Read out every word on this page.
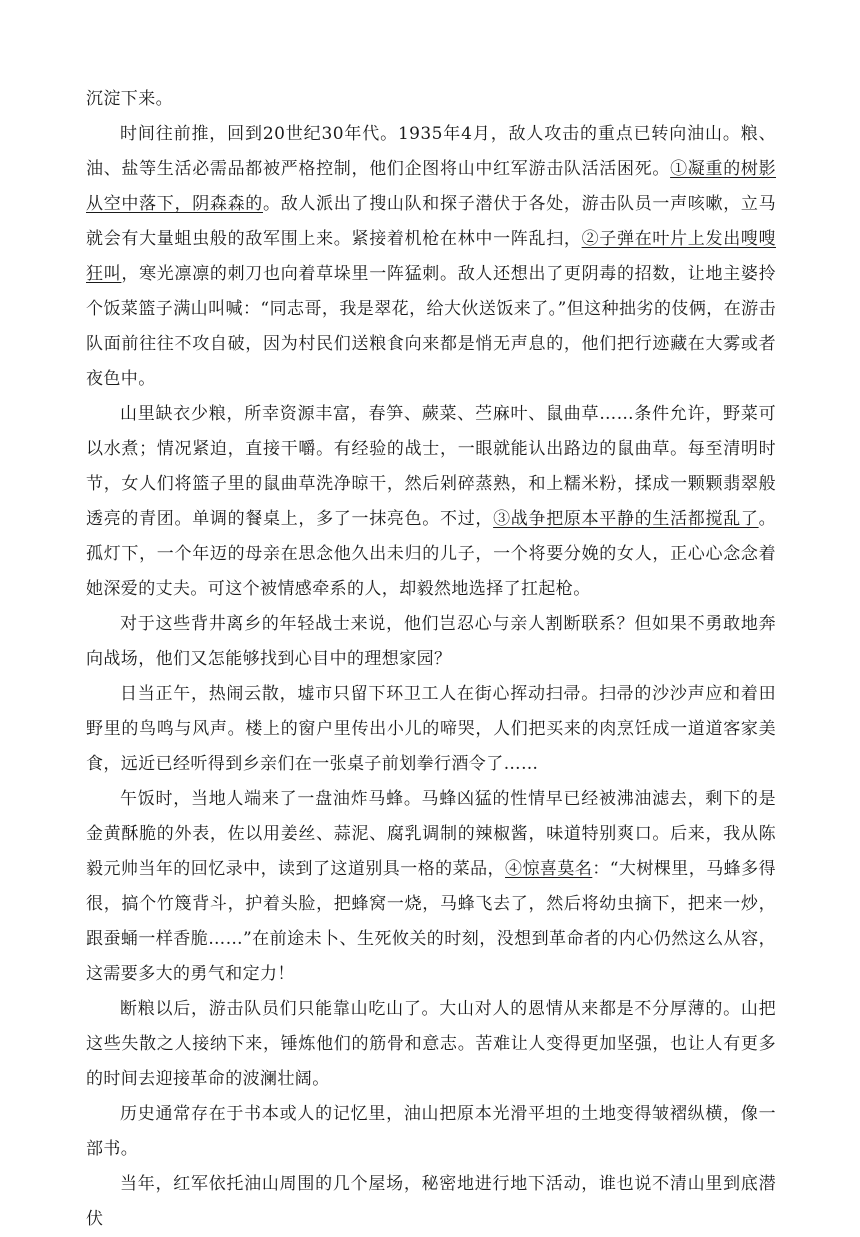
沉淀下来。

时间往前推，回到20世纪30年代。1935年4月，敌人攻击的重点已转向油山。粮、油、盐等生活必需品都被严格控制，他们企图将山中红军游击队活活困死。①凝重的树影从空中落下，阴森森的。敌人派出了搜山队和探子潜伏于各处，游击队员一声咳嗽，立马就会有大量蛆虫般的敌军围上来。紧接着机枪在林中一阵乱扫，②子弹在叶片上发出嗖嗖狂叫，寒光凛凛的刺刀也向着草垛里一阵猛刺。敌人还想出了更阴毒的招数，让地主婆拎个饭菜篮子满山叫喊：“同志哥，我是翠花，给大伙送饭来了。”但这种拙劣的伎俩，在游击队面前往往不攻自破，因为村民们送粮食向来都是悄无声息的，他们把行迹藏在大雾或者夜色中。

山里缺衣少粮，所幸资源丰富，春笋、蕨菜、苎麻叶、鼠曲草……条件允许，野菜可以水煮；情况紧迫，直接干嚼。有经验的战士，一眼就能认出路边的鼠曲草。每至清明时节，女人们将篮子里的鼠曲草洗净晾干，然后剁碎蒸熟，和上糯米粉，揉成一颗颗翡翠般透亮的青团。单调的餐桌上，多了一抹亮色。不过，③战争把原本平静的生活都搅乱了。孤灯下，一个年迈的母亲在思念他久出未归的儿子，一个将要分娩的女人，正心心念念着她深爱的丈夫。可这个被情感牵系的人，却毅然地选择了扛起枪。

对于这些背井离乡的年轻战士来说，他们岂忍心与亲人割断联系？但如果不勇敢地奔向战场，他们又怎能够找到心目中的理想家园？

日当正午，热闹云散，墟市只留下环卫工人在街心挥动扫帚。扫帚的沙沙声应和着田野里的鸟鸣与风声。楼上的窗户里传出小儿的啼哭，人们把买来的肉烹饪成一道道客家美食，远近已经听得到乡亲们在一张桌子前划拳行酒令了……

午饭时，当地人端来了一盘油炸马蜂。马蜂凶猛的性情早已经被沸油滤去，剩下的是金黄酥脆的外表，佐以用姜丝、蒜泥、腐乳调制的辣椒酱，味道特别爽口。后来，我从陈毅元帅当年的回忆录中，读到了这道别具一格的菜品，④惊喜莫名：“大树棵里，马蜂多得很，搞个竹篾背斗，护着头脸，把蜂窝一烧，马蜂飞去了，然后将幼虫摘下，把来一炒，跟蚕蛹一样香脆……”在前途未卜、生死攸关的时刻，没想到革命者的内心仍然这么从容，这需要多大的勇气和定力！

断粮以后，游击队员们只能靠山吃山了。大山对人的恩情从来都是不分厚薄的。山把这些失散之人接纳下来，锤炼他们的筋骨和意志。苦难让人变得更加坚强，也让人有更多的时间去迎接革命的波澜壮阔。

历史通常存在于书本或人的记忆里，油山把原本光滑平坦的土地变得皱褶纵横，像一部书。

当年，红军依托油山周围的几个屋场，秘密地进行地下活动，谁也说不清山里到底潜伏
